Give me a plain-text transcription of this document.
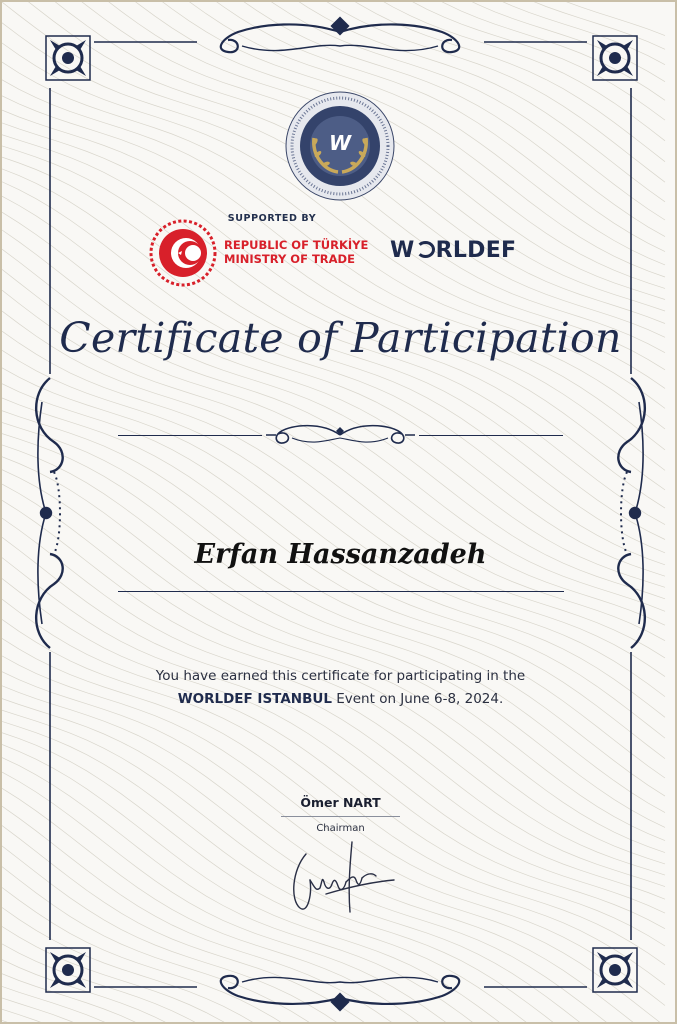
W
SUPPORTED BY
REPUBLIC OF TÜRKİYE
MINISTRY OF TRADE	W RLDEF
Certificate of Participation
Erfan Hassanzadeh
You have earned this certificate for participating in the
WORLDEF ISTANBUL Event on June 6-8, 2024.
Ömer NART
Chairman
